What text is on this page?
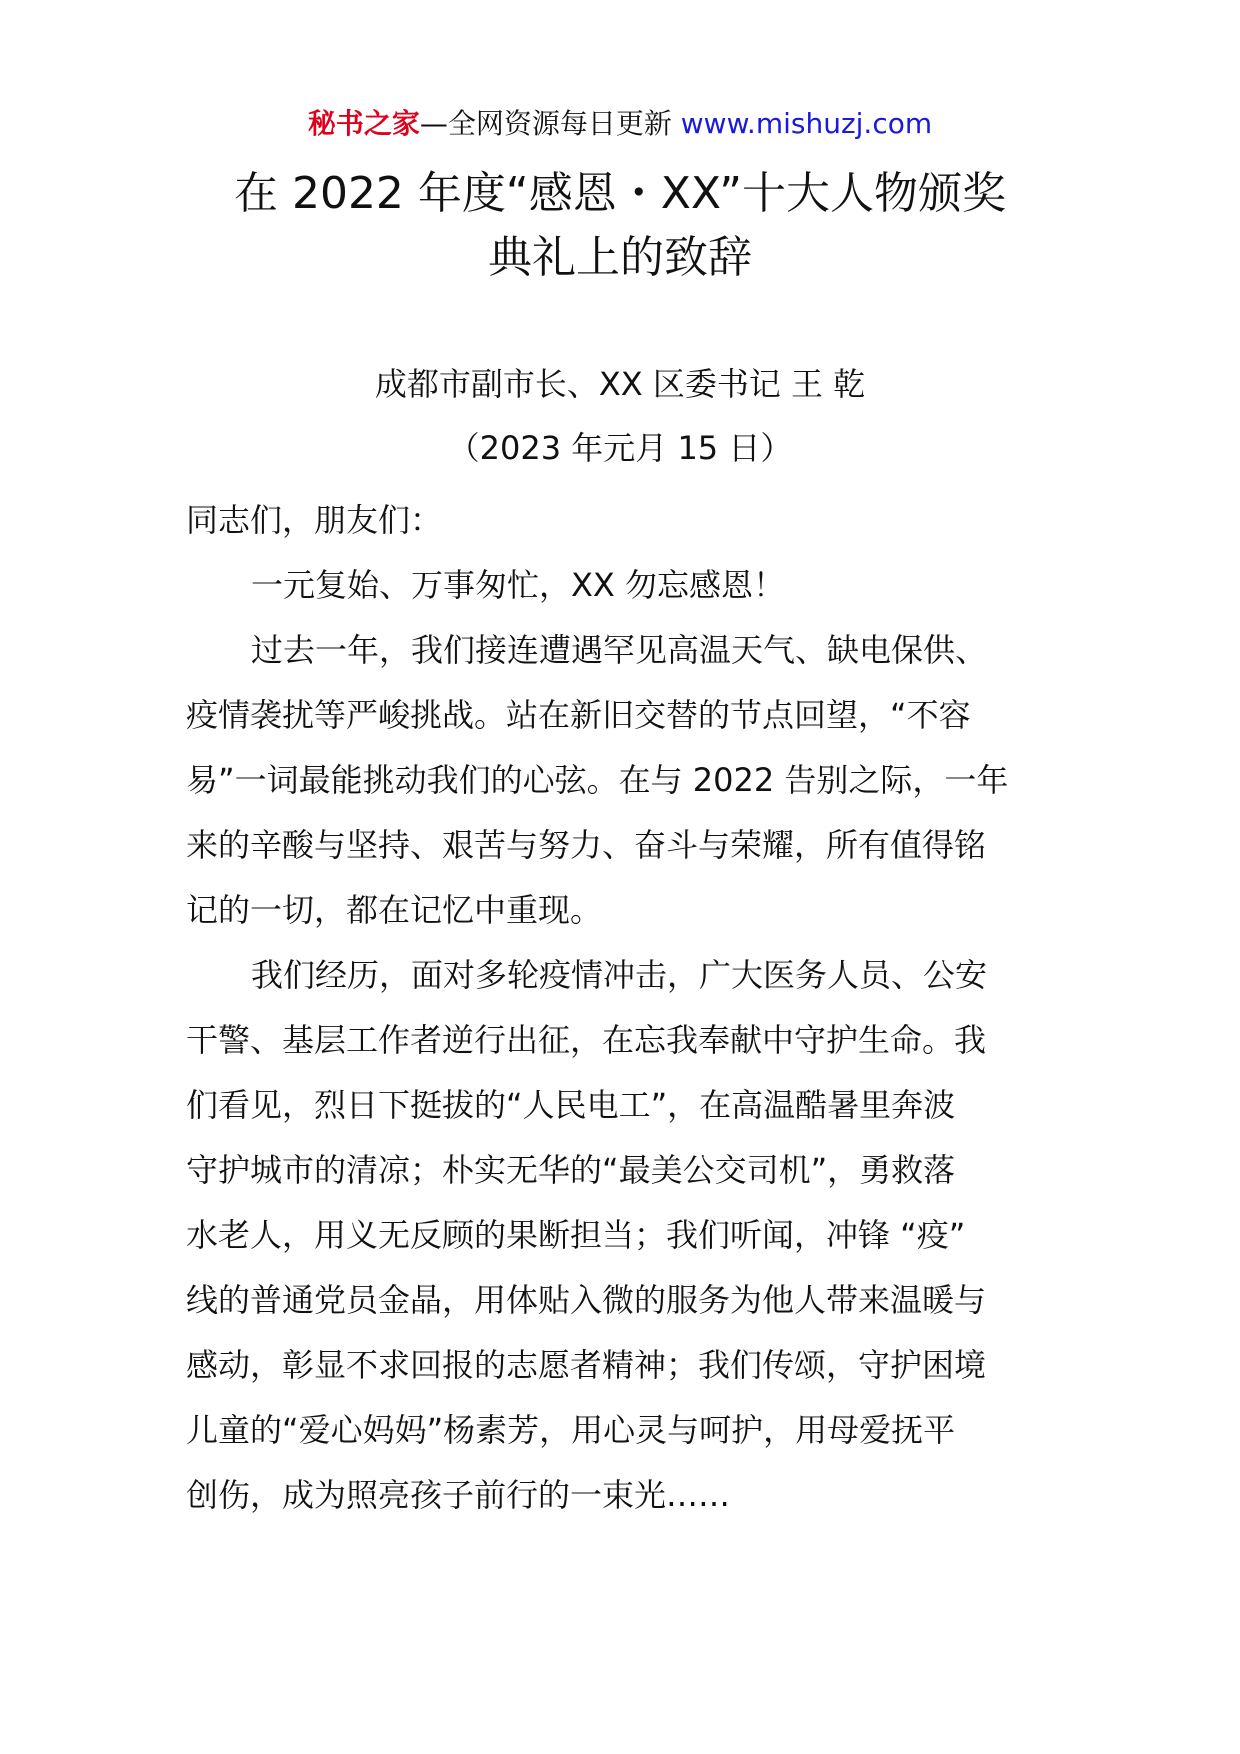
秘书之家—全网资源每日更新 www.mishuzj.com
在 2022 年度“感恩・XX”十大人物颁奖
典礼上的致辞
成都市副市长、XX 区委书记 王 乾
（2023 年元月 15 日）
同志们，朋友们：
一元复始、万事匆忙，XX 勿忘感恩！
过去一年，我们接连遭遇罕见高温天气、缺电保供、
疫情袭扰等严峻挑战。站在新旧交替的节点回望，“不容
易”一词最能挑动我们的心弦。在与 2022 告别之际，一年
来的辛酸与坚持、艰苦与努力、奋斗与荣耀，所有值得铭
记的一切，都在记忆中重现。
我们经历，面对多轮疫情冲击，广大医务人员、公安
干警、基层工作者逆行出征，在忘我奉献中守护生命。我
们看见，烈日下挺拔的“人民电工”，在高温酷暑里奔波
守护城市的清凉；朴实无华的“最美公交司机”，勇救落
水老人，用义无反顾的果断担当；我们听闻，冲锋 “疫”
线的普通党员金晶，用体贴入微的服务为他人带来温暖与
感动，彰显不求回报的志愿者精神；我们传颂，守护困境
儿童的“爱心妈妈”杨素芳，用心灵与呵护，用母爱抚平
创伤，成为照亮孩子前行的一束光……
